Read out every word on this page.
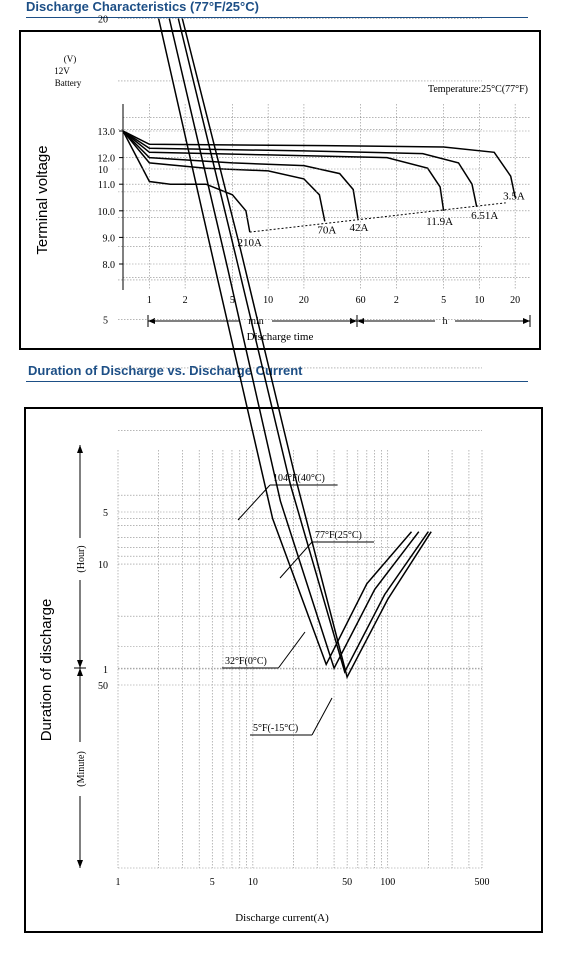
Discharge Characteristics (77°F/25°C)
Duration of Discharge vs. Discharge Current
13.0
12.0
11.0
10.0
9.0
8.0
1	2	5	10	20	60	2	5	10	20
210A
70A 42A	11.9A 6.51A
3.5A
(V)
12V
Battery
Temperature:25°C(77°F)
Terminal voltage
min	h
Discharge time
20
10
5
1
50
10
5
1	5	10	50	100	500
104°F(40°C)
77°F(25°C)
32°F(0°C)
5°F(-15°C)
(Hour)
(Minute)
Duration of discharge
Discharge current(A)
